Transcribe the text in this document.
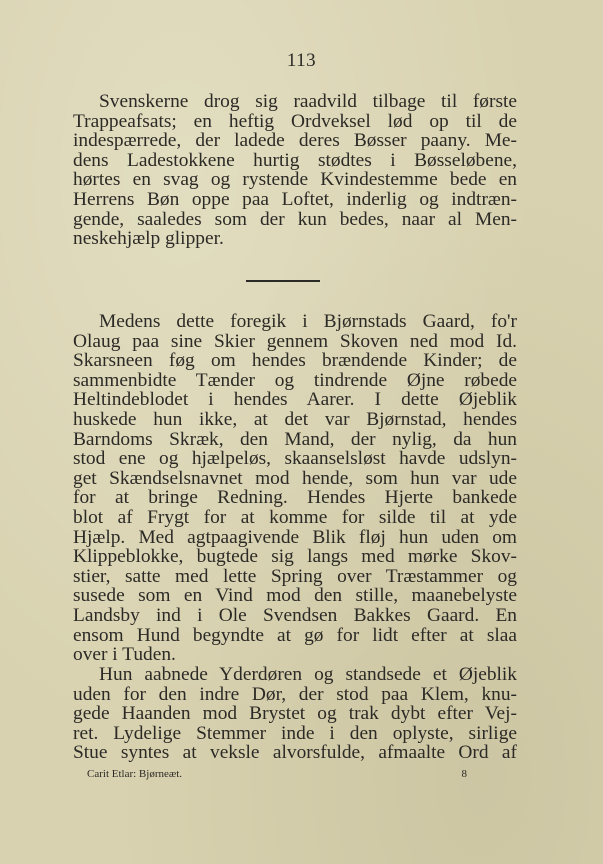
113
Svenskerne drog sig raadvild tilbage til første
Trappeafsats; en heftig Ordveksel lød op til de
indespærrede, der ladede deres Bøsser paany. Me-
dens Ladestokkene hurtig stødtes i Bøsseløbene,
hørtes en svag og rystende Kvindestemme bede en
Herrens Bøn oppe paa Loftet, inderlig og indtræn-
gende, saaledes som der kun bedes, naar al Men-
neskehjælp glipper.
Medens dette foregik i Bjørnstads Gaard, fo'r
Olaug paa sine Skier gennem Skoven ned mod Id.
Skarsneen føg om hendes brændende Kinder; de
sammenbidte Tænder og tindrende Øjne røbede
Heltindeblodet i hendes Aarer. I dette Øjeblik
huskede hun ikke, at det var Bjørnstad, hendes
Barndoms Skræk, den Mand, der nylig, da hun
stod ene og hjælpeløs, skaanselsløst havde udslyn-
get Skændselsnavnet mod hende, som hun var ude
for at bringe Redning. Hendes Hjerte bankede
blot af Frygt for at komme for silde til at yde
Hjælp. Med agtpaagivende Blik fløj hun uden om
Klippeblokke, bugtede sig langs med mørke Skov-
stier, satte med lette Spring over Træstammer og
susede som en Vind mod den stille, maanebelyste
Landsby ind i Ole Svendsen Bakkes Gaard. En
ensom Hund begyndte at gø for lidt efter at slaa
over i Tuden.
Hun aabnede Yderdøren og standsede et Øjeblik
uden for den indre Dør, der stod paa Klem, knu-
gede Haanden mod Brystet og trak dybt efter Vej-
ret. Lydelige Stemmer inde i den oplyste, sirlige
Stue syntes at veksle alvorsfulde, afmaalte Ord af
Carit Etlar: Bjørneæt.	8
